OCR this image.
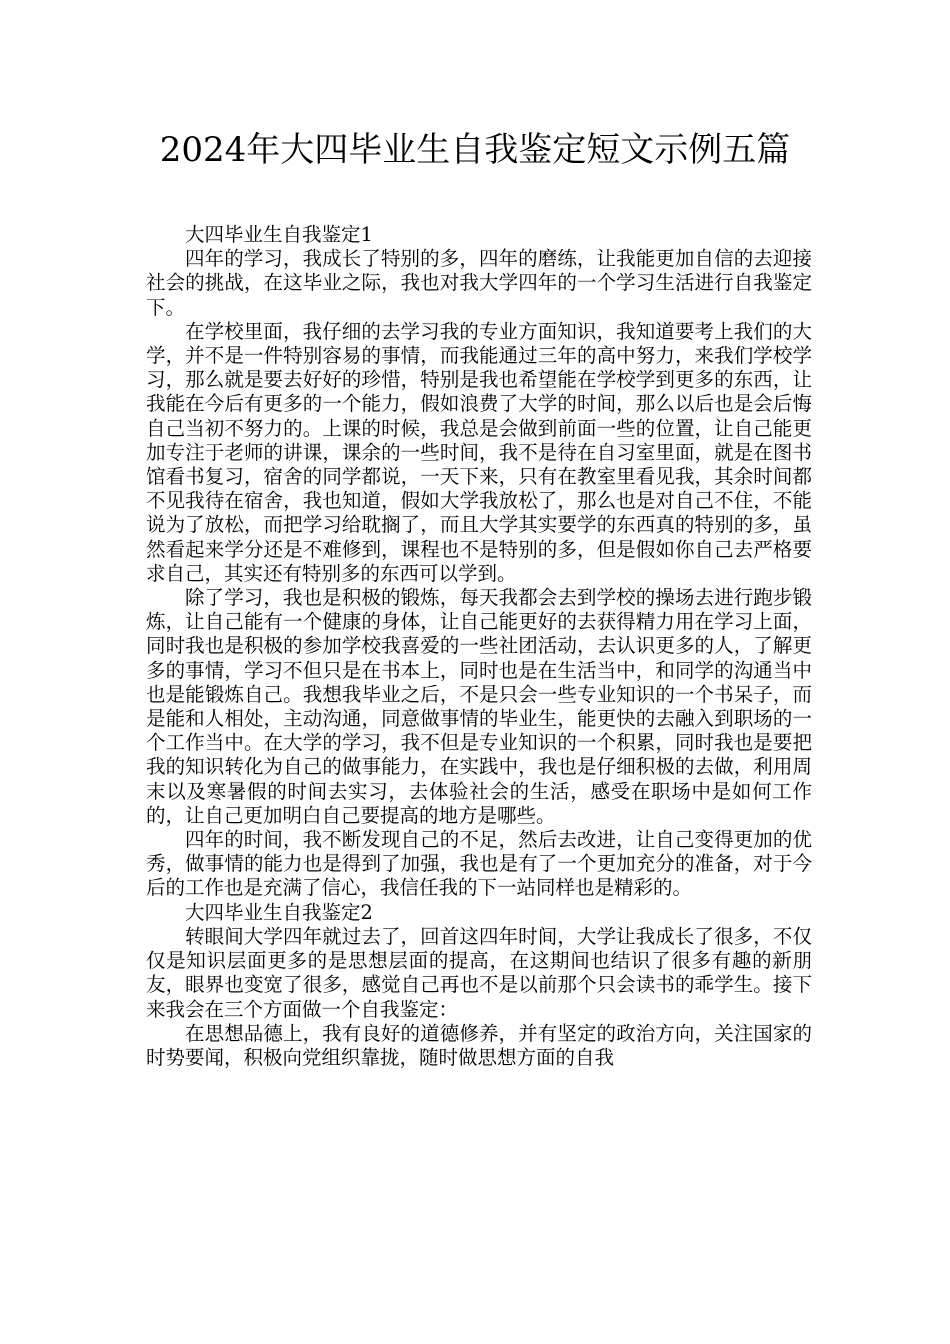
2024年大四毕业生自我鉴定短文示例五篇

大四毕业生自我鉴定1

四年的学习，我成长了特别的多，四年的磨练，让我能更加自信的去迎接社会的挑战，在这毕业之际，我也对我大学四年的一个学习生活进行自我鉴定下。

在学校里面，我仔细的去学习我的专业方面知识，我知道要考上我们的大学，并不是一件特别容易的事情，而我能通过三年的高中努力，来我们学校学习，那么就是要去好好的珍惜，特别是我也希望能在学校学到更多的东西，让我能在今后有更多的一个能力，假如浪费了大学的时间，那么以后也是会后悔自己当初不努力的。上课的时候，我总是会做到前面一些的位置，让自己能更加专注于老师的讲课，课余的一些时间，我不是待在自习室里面，就是在图书馆看书复习，宿舍的同学都说，一天下来，只有在教室里看见我，其余时间都不见我待在宿舍，我也知道，假如大学我放松了，那么也是对自己不住，不能说为了放松，而把学习给耽搁了，而且大学其实要学的东西真的特别的多，虽然看起来学分还是不难修到，课程也不是特别的多，但是假如你自己去严格要求自己，其实还有特别多的东西可以学到。

除了学习，我也是积极的锻炼，每天我都会去到学校的操场去进行跑步锻炼，让自己能有一个健康的身体，让自己能更好的去获得精力用在学习上面，同时我也是积极的参加学校我喜爱的一些社团活动，去认识更多的人，了解更多的事情，学习不但只是在书本上，同时也是在生活当中，和同学的沟通当中也是能锻炼自己。我想我毕业之后，不是只会一些专业知识的一个书呆子，而是能和人相处，主动沟通，同意做事情的毕业生，能更快的去融入到职场的一个工作当中。在大学的学习，我不但是专业知识的一个积累，同时我也是要把我的知识转化为自己的做事能力，在实践中，我也是仔细积极的去做，利用周末以及寒暑假的时间去实习，去体验社会的生活，感受在职场中是如何工作的，让自己更加明白自己要提高的地方是哪些。

四年的时间，我不断发现自己的不足，然后去改进，让自己变得更加的优秀，做事情的能力也是得到了加强，我也是有了一个更加充分的准备，对于今后的工作也是充满了信心，我信任我的下一站同样也是精彩的。

大四毕业生自我鉴定2

转眼间大学四年就过去了，回首这四年时间，大学让我成长了很多，不仅仅是知识层面更多的是思想层面的提高，在这期间也结识了很多有趣的新朋友，眼界也变宽了很多，感觉自己再也不是以前那个只会读书的乖学生。接下来我会在三个方面做一个自我鉴定：

在思想品德上，我有良好的道德修养，并有坚定的政治方向，关注国家的时势要闻，积极向党组织靠拢，随时做思想方面的自我
